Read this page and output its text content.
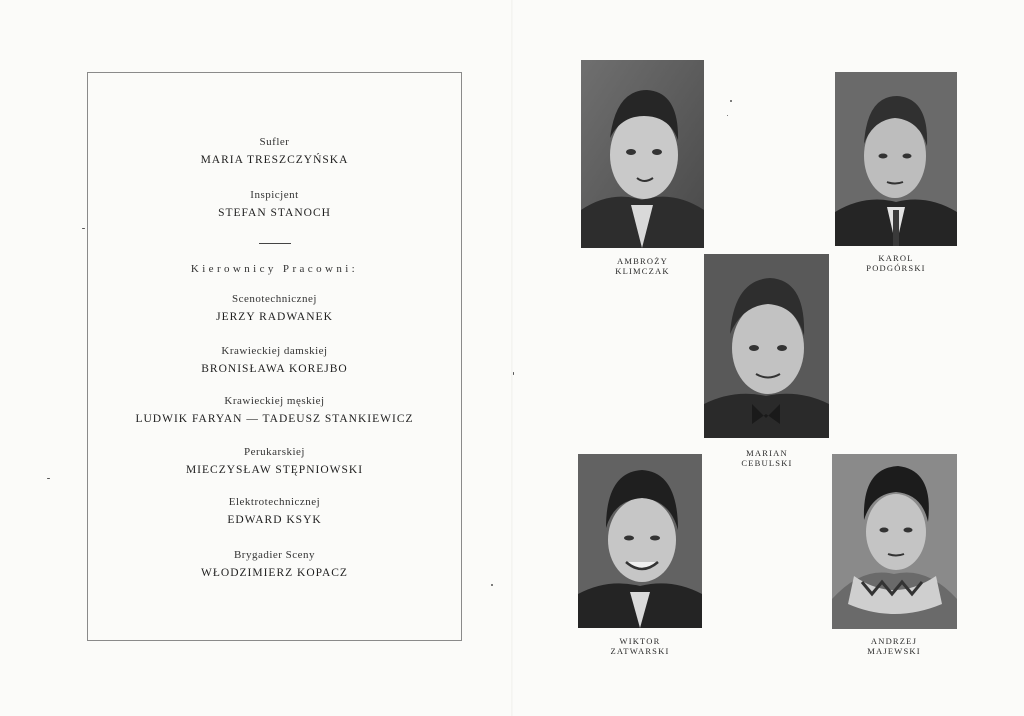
Sufler
MARIA TRESZCZYŃSKA
Inspicjent
STEFAN STANOCH
Kierownicy Pracowni:
Scenotechnicznej
JERZY RADWANEK
Krawieckiej damskiej
BRONISŁAWA KOREJBO
Krawieckiej męskiej
LUDWIK FARYAN — TADEUSZ STANKIEWICZ
Perukarskiej
MIECZYSŁAW STĘPNIOWSKI
Elektrotechnicznej
EDWARD KSYK
Brygadier Sceny
WŁODZIMIERZ KOPACZ
AMBROŻY
KLIMCZAK
KAROL
PODGÓRSKI
MARIAN
CEBULSKI
WIKTOR
ZATWARSKI
ANDRZEJ
MAJEWSKI
